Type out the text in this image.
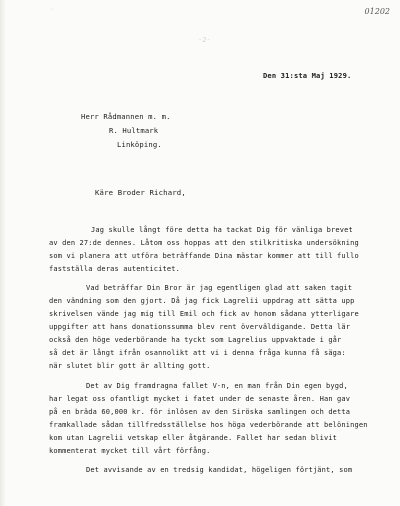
~
-2-
01202
Den 31:sta Maj 1929.
Herr Rådmannen m. m.
R. Hultmark
Linköping.
Käre Broder Richard,
Jag skulle långt före detta ha tackat Dig för vänliga brevet
av den 27:de dennes. Låtom oss hoppas att den stilkritiska undersökning
som vi planera att utföra beträffande Dina mästar kommer att till fullo
fastställa deras autenticitet.
Vad beträffar Din Bror är jag egentligen glad att saken tagit
den vändning som den gjort. Då jag fick Lagrelii uppdrag att sätta upp
skrivelsen vände jag mig till Emil och fick av honom sådana ytterligare
uppgifter att hans donationssumma blev rent överväldigande. Detta lär
också den höge vederbörande ha tyckt som Lagrelius uppvaktade i går
så det är långt ifrån osannolikt att vi i denna fråga kunna få säga:
när slutet blir gott är allting gott.
Det av Dig framdragna fallet V-n, en man från Din egen bygd,
har legat oss ofantligt mycket i fatet under de senaste åren. Han gav
på en bräda 60,000 kr. för inlösen av den Siröska samlingen och detta
framkallade sådan tillfredsställelse hos höga vederbörande att belöningen
kom utan Lagrelii vetskap eller åtgärande. Fallet har sedan blivit
kommenterat mycket till vårt förfång.
Det avvisande av en tredsig kandidat, högeligen förtjänt, som
